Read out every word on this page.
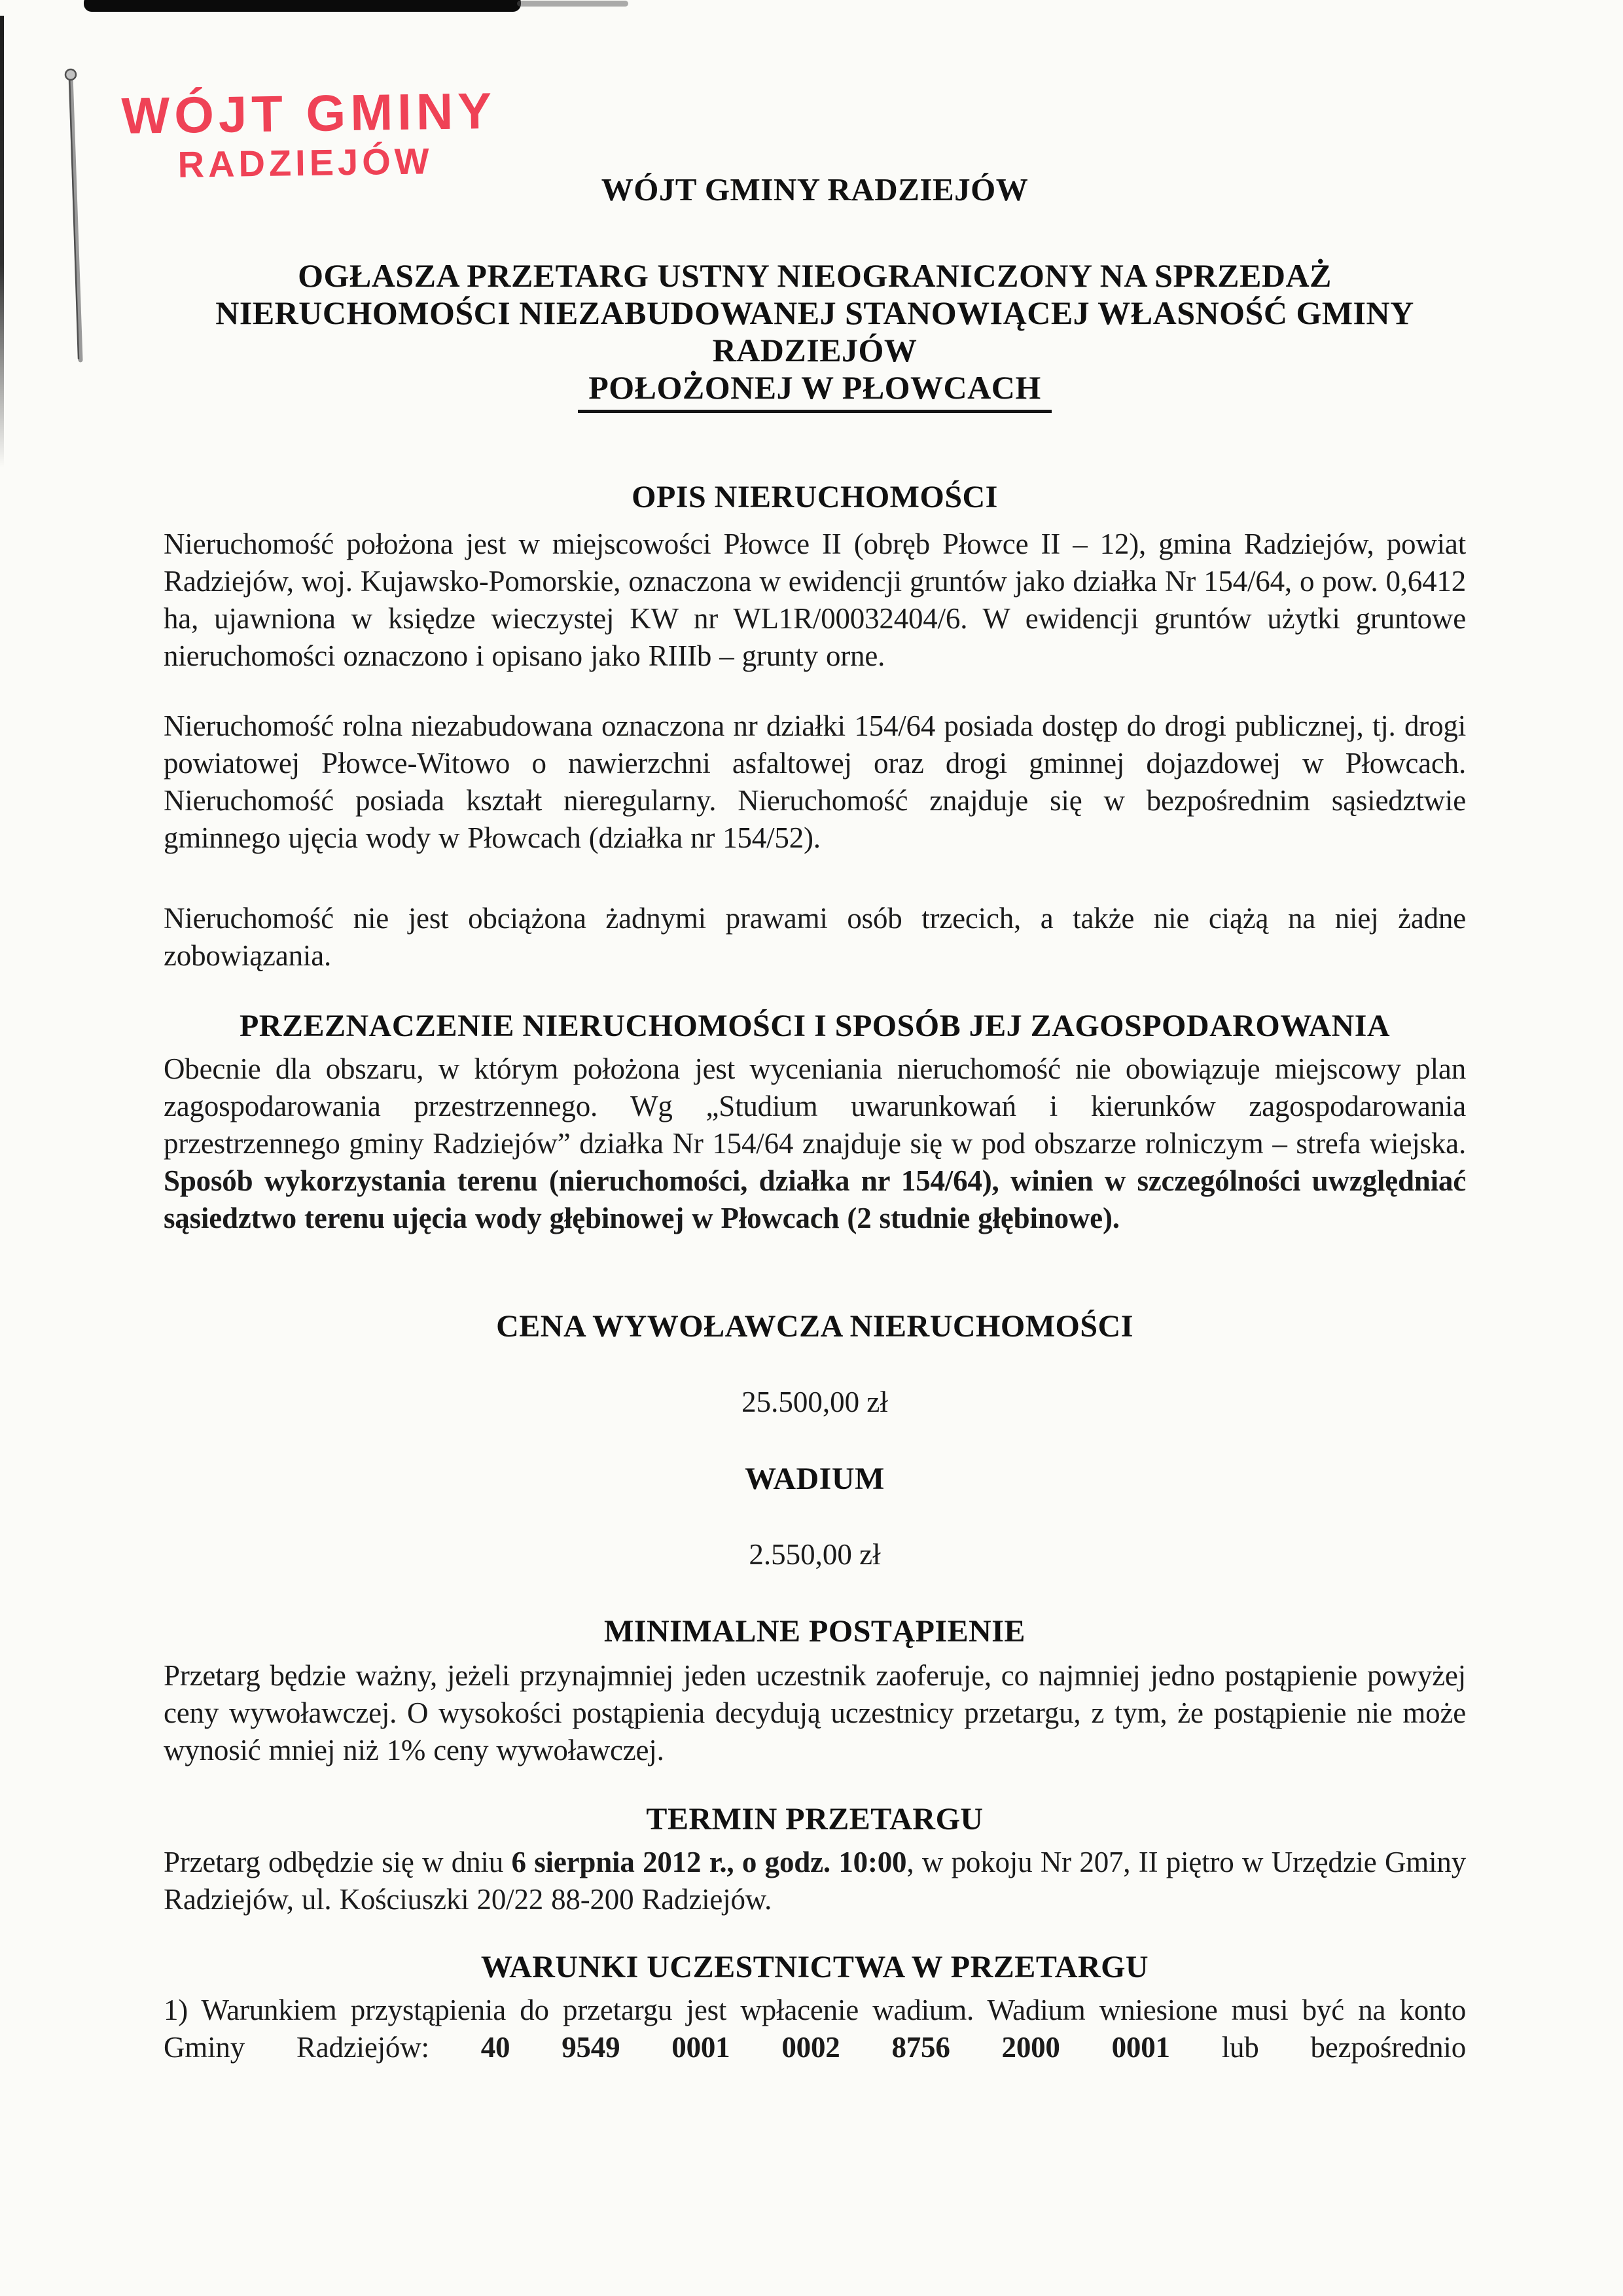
WÓJT GMINY
RADZIEJÓW
WÓJT GMINY RADZIEJÓW
OGŁASZA PRZETARG USTNY NIEOGRANICZONY NA SPRZEDAŻ
NIERUCHOMOŚCI NIEZABUDOWANEJ STANOWIĄCEJ WŁASNOŚĆ GMINY
RADZIEJÓW
POŁOŻONEJ W PŁOWCACH
OPIS NIERUCHOMOŚCI

Nieruchomość położona jest w miejscowości Płowce II (obręb Płowce II – 12), gmina Radziejów, powiat Radziejów, woj. Kujawsko-Pomorskie, oznaczona w ewidencji gruntów jako działka Nr 154/64, o pow. 0,6412 ha, ujawniona w księdze wieczystej KW nr WL1R/00032404/6. W ewidencji gruntów użytki gruntowe nieruchomości oznaczono i opisano jako RIIIb – grunty orne.

Nieruchomość rolna niezabudowana oznaczona nr działki 154/64 posiada dostęp do drogi publicznej, tj. drogi powiatowej Płowce-Witowo o nawierzchni asfaltowej oraz drogi gminnej dojazdowej w Płowcach. Nieruchomość posiada kształt nieregularny. Nieruchomość znajduje się w bezpośrednim sąsiedztwie gminnego ujęcia wody w Płowcach (działka nr 154/52).

Nieruchomość nie jest obciążona żadnymi prawami osób trzecich, a także nie ciążą na niej żadne zobowiązania.

PRZEZNACZENIE NIERUCHOMOŚCI I SPOSÓB JEJ ZAGOSPODAROWANIA

Obecnie dla obszaru, w którym położona jest wyceniania nieruchomość nie obowiązuje miejscowy plan zagospodarowania przestrzennego. Wg „Studium uwarunkowań i kierunków zagospodarowania przestrzennego gminy Radziejów” działka Nr 154/64 znajduje się w pod obszarze rolniczym – strefa wiejska. Sposób wykorzystania terenu (nieruchomości, działka nr 154/64), winien w szczególności uwzględniać sąsiedztwo terenu ujęcia wody głębinowej w Płowcach (2 studnie głębinowe).

CENA WYWOŁAWCZA NIERUCHOMOŚCI

25.500,00 zł

WADIUM

2.550,00 zł

MINIMALNE POSTĄPIENIE

Przetarg będzie ważny, jeżeli przynajmniej jeden uczestnik zaoferuje, co najmniej jedno postąpienie powyżej ceny wywoławczej. O wysokości postąpienia decydują uczestnicy przetargu, z tym, że postąpienie nie może wynosić mniej niż 1% ceny wywoławczej.

TERMIN PRZETARGU

Przetarg odbędzie się w dniu 6 sierpnia 2012 r., o godz. 10:00, w pokoju Nr 207, II piętro w Urzędzie Gminy Radziejów, ul. Kościuszki 20/22 88-200 Radziejów.

WARUNKI UCZESTNICTWA W PRZETARGU

1) Warunkiem przystąpienia do przetargu jest wpłacenie wadium. Wadium wniesione musi być na konto Gminy Radziejów: 40 9549 0001 0002 8756 2000 0001 lub bezpośrednio
